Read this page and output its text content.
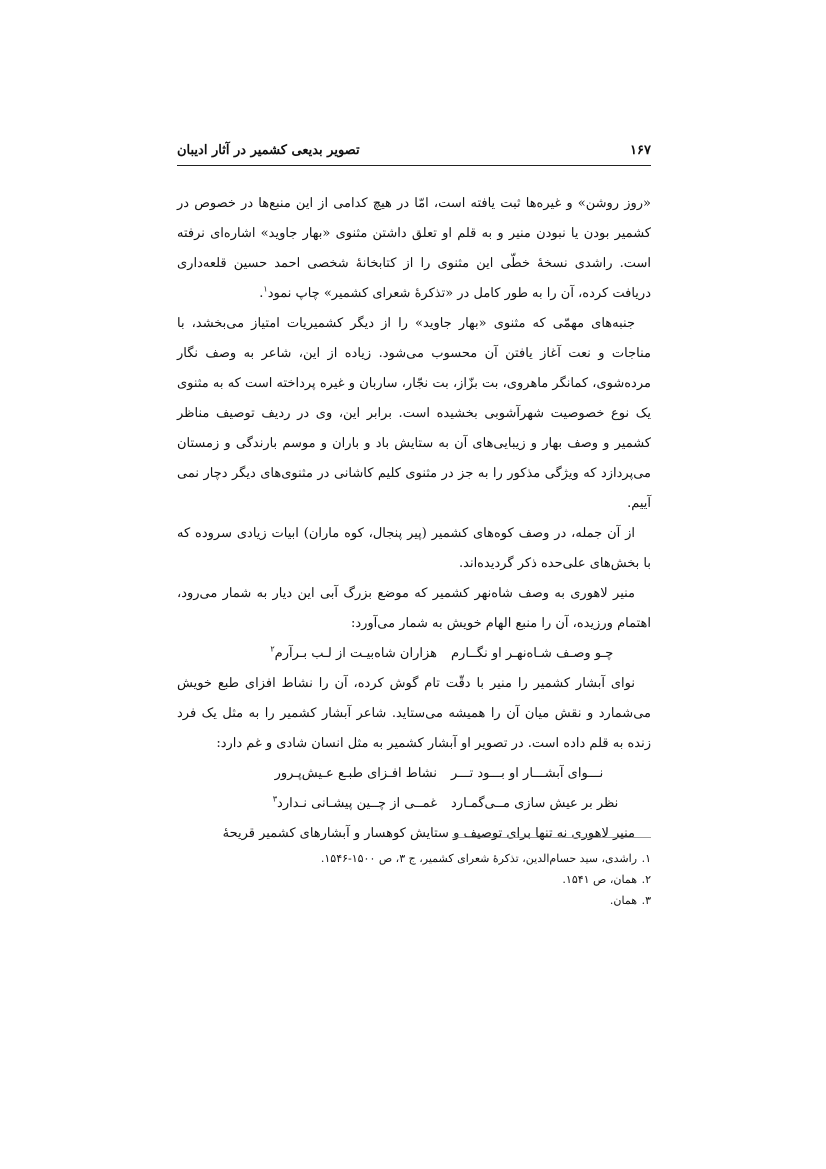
۱۶۷
تصویر بدیعی کشمیر در آثار ادیبان

«روز روشن» و غیره‌ها ثبت یافته است، امّا در هیچ کدامی از این منبع‌ها در خصوص در کشمیر بودن یا نبودن منیر و به قلم او تعلق داشتن مثنوی «بهار جاوید» اشاره‌ای نرفته است. راشدی نسخهٔ خطّی این مثنوی را از کتابخانهٔ شخصی احمد حسین قلعه‌داری دریافت کرده، آن را به طور کامل در «تذکرهٔ شعرای کشمیر» چاپ نمود$^۱$.

جنبه‌های مهمّی که مثنوی «بهار جاوید» را از دیگر کشمیریات امتیاز می‌بخشد، با مناجات و نعت آغاز یافتن آن محسوب می‌شود. زیاده از این، شاعر به وصف نگار مرده‌شوی، کمانگر ماهروی، بت بزّاز، بت نجّار، ساربان و غیره پرداخته است که به مثنوی یک نوع خصوصیت شهرآشوبی بخشیده است. برابر این، وی در ردیف توصیف مناظر کشمیر و وصف بهار و زیبایی‌های آن به ستایش باد و باران و موسم بارندگی و زمستان می‌پردازد که ویژگی مذکور را به جز در مثنوی کلیم کاشانی در مثنوی‌های دیگر دچار نمی آییم.

از آن جمله، در وصف کوه‌های کشمیر (پیر پنجال، کوه ماران) ابیات زیادی سروده که با بخش‌های علی‌حده ذکر گردیده‌اند.

منیر لاهوری به وصف شاه‌نهر کشمیر که موضع بزرگ آبی این دیار به شمار می‌رود، اهتمام ورزیده، آن را منبع الهام خویش به شمار می‌آورد:

چـو وصـف شـاه‌نهـر او نگــارم
هزاران شاه‌بیـت از لـب بـرآرم$^۲$

نوای آبشار کشمیر را منیر با دقّت تام گوش کرده، آن را نشاط افزای طبع خویش می‌شمارد و نقش میان آن را همیشه می‌ستاید. شاعر آبشار کشمیر را به مثل یک فرد زنده به قلم داده است. در تصویر او آبشار کشمیر به مثل انسان شادی و غم دارد:

نـــوای آبشـــار او بـــود تـــر
نشاط افـزای طبـع عـیش‌پـرور
نظر بر عیش سازی مــی‌گمـارد
غمــی از چــین پیشـانی نـدارد$^۳$

منیر لاهوری نه تنها برای توصیف و ستایش کوهسار و آبشارهای کشمیر قریحهٔ

۱.
راشدی، سید حسام‌الدین، تذکرهٔ شعرای کشمیر، ج ۳، ص ۱۵۰۰-۱۵۴۶.
۲.
همان، ص ۱۵۴۱.
۳.
همان.
